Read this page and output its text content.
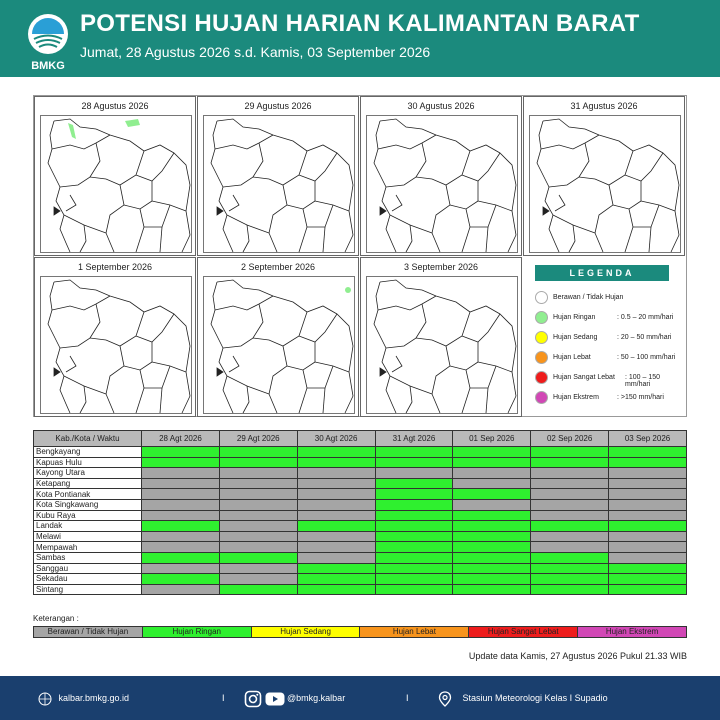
BMKG
POTENSI HUJAN HARIAN KALIMANTAN BARAT
Jumat, 28 Agustus 2026 s.d. Kamis, 03 September 2026
28 Agustus 2026	29 Agustus 2026	30 Agustus 2026	31 Agustus 2026
1 September 2026	2 September 2026	3 September 2026
LEGENDA
Berawan / Tidak Hujan
Hujan Ringan	: 0.5 – 20 mm/hari
Hujan Sedang	: 20 – 50 mm/hari
Hujan Lebat	: 50 – 100 mm/hari
Hujan Sangat Lebat : 100 – 150 mm/hari
Hujan Ekstrem	: >150 mm/hari
Kab./Kota / Waktu	28 Agt 2026	29 Agt 2026	30 Agt 2026	31 Agt 2026	01 Sep 2026	02 Sep 2026	03 Sep 2026
Bengkayang							
Kapuas Hulu							
Kayong Utara							
Ketapang							
Kota Pontianak							
Kota Singkawang							
Kubu Raya							
Landak							
Melawi							
Mempawah							
Sambas							
Sanggau							
Sekadau							
Sintang							
Keterangan :
Berawan / Tidak Hujan	Hujan Ringan	Hujan Sedang	Hujan Lebat	Hujan Sangat Lebat	Hujan Ekstrem
Update data Kamis, 27 Agustus 2026 Pukul 21.33 WIB
kalbar.bmkg.go.id	I	@bmkg.kalbar	I	Stasiun Meteorologi Kelas I Supadio
